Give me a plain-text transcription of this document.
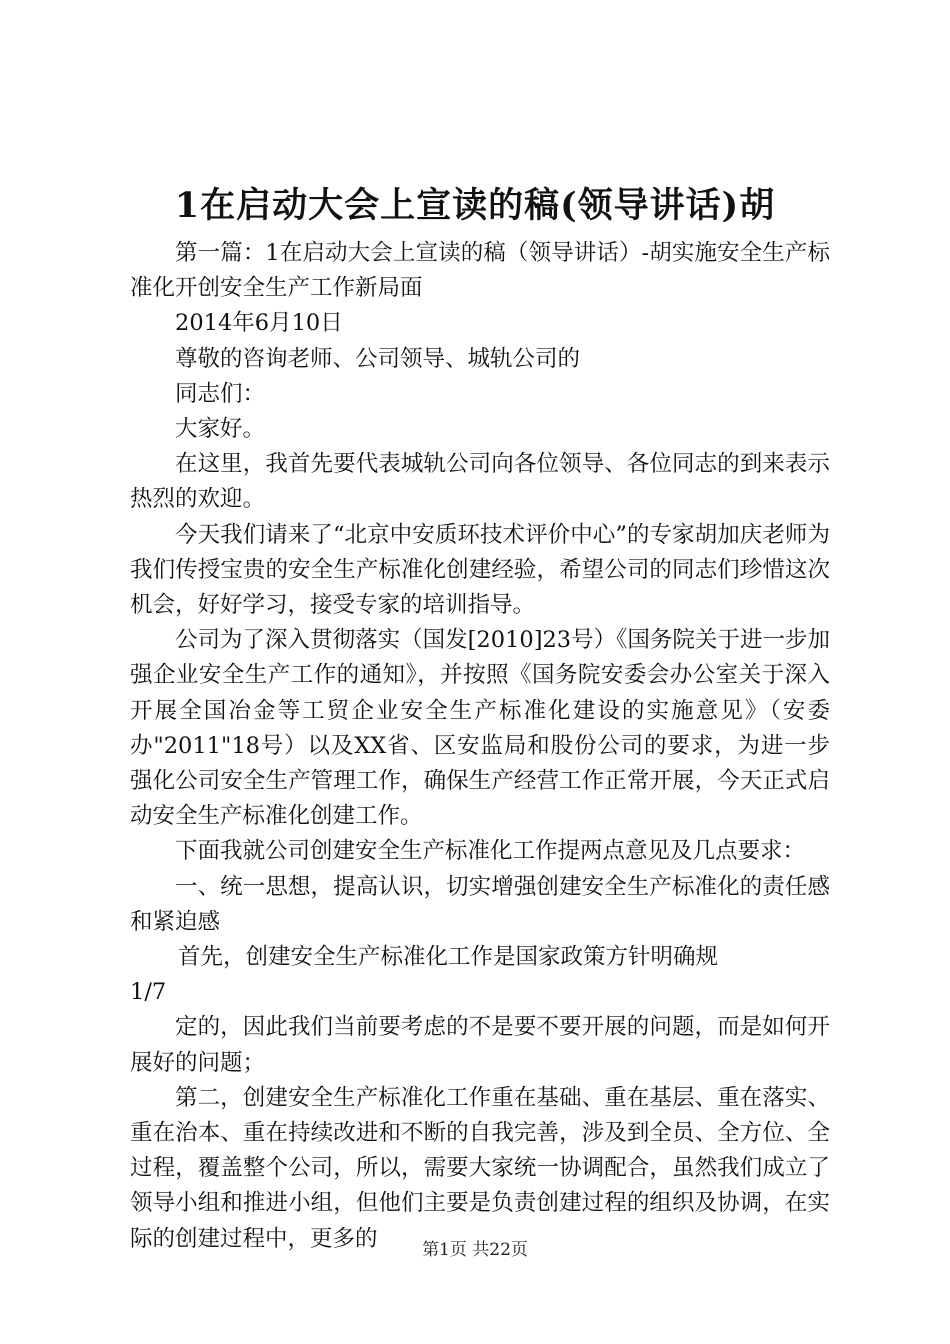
1在启动大会上宣读的稿(领导讲话)胡

第一篇：1在启动大会上宣读的稿（领导讲话）-胡实施安全生产标准化开创安全生产工作新局面

2014年6月10日

尊敬的咨询老师、公司领导、城轨公司的

同志们：

大家好。

在这里，我首先要代表城轨公司向各位领导、各位同志的到来表示热烈的欢迎。

今天我们请来了“北京中安质环技术评价中心”的专家胡加庆老师为我们传授宝贵的安全生产标准化创建经验，希望公司的同志们珍惜这次机会，好好学习，接受专家的培训指导。

公司为了深入贯彻落实（国发[2010]23号）《国务院关于进一步加强企业安全生产工作的通知》，并按照《国务院安委会办公室关于深入开展全国冶金等工贸企业安全生产标准化建设的实施意见》（安委办"2011"18号）以及XX省、区安监局和股份公司的要求，为进一步强化公司安全生产管理工作，确保生产经营工作正常开展，今天正式启动安全生产标准化创建工作。

下面我就公司创建安全生产标准化工作提两点意见及几点要求：

一、统一思想，提高认识，切实增强创建安全生产标准化的责任感和紧迫感

首先，创建安全生产标准化工作是国家政策方针明确规

1/7

定的，因此我们当前要考虑的不是要不要开展的问题，而是如何开展好的问题；

第二，创建安全生产标准化工作重在基础、重在基层、重在落实、重在治本、重在持续改进和不断的自我完善，涉及到全员、全方位、全过程，覆盖整个公司，所以，需要大家统一协调配合，虽然我们成立了领导小组和推进小组，但他们主要是负责创建过程的组织及协调，在实际的创建过程中，更多的	第1页 共22页
